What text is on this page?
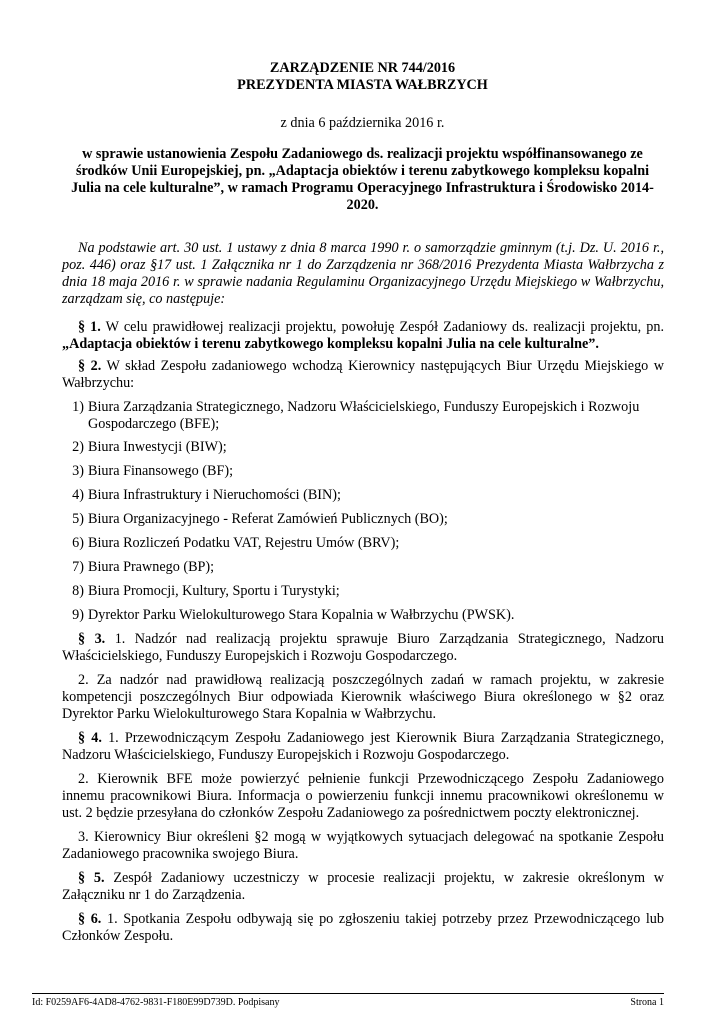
ZARZĄDZENIE NR 744/2016
PREZYDENTA MIASTA WAŁBRZYCH
z dnia 6 października 2016 r.
w sprawie ustanowienia Zespołu Zadaniowego ds. realizacji projektu współfinansowanego ze środków Unii Europejskiej, pn. „Adaptacja obiektów i terenu zabytkowego kompleksu kopalni Julia na cele kulturalne”, w ramach Programu Operacyjnego Infrastruktura i Środowisko 2014-2020.
Na podstawie art. 30 ust. 1 ustawy z dnia 8 marca 1990 r. o samorządzie gminnym (t.j. Dz. U. 2016 r., poz. 446) oraz §17 ust. 1 Załącznika nr 1 do Zarządzenia nr 368/2016 Prezydenta Miasta Wałbrzycha z dnia 18 maja 2016 r. w sprawie nadania Regulaminu Organizacyjnego Urzędu Miejskiego w Wałbrzychu, zarządzam się, co następuje:
§ 1. W celu prawidłowej realizacji projektu, powołuję Zespół Zadaniowy ds. realizacji projektu, pn. „Adaptacja obiektów i terenu zabytkowego kompleksu kopalni Julia na cele kulturalne”.
§ 2. W skład Zespołu zadaniowego wchodzą Kierownicy następujących Biur Urzędu Miejskiego w Wałbrzychu:
1) Biura Zarządzania Strategicznego, Nadzoru Właścicielskiego, Funduszy Europejskich i Rozwoju Gospodarczego (BFE);
2) Biura Inwestycji (BIW);
3) Biura Finansowego (BF);
4) Biura Infrastruktury i Nieruchomości (BIN);
5) Biura Organizacyjnego - Referat Zamówień Publicznych (BO);
6) Biura Rozliczeń Podatku VAT, Rejestru Umów (BRV);
7) Biura Prawnego (BP);
8) Biura Promocji, Kultury, Sportu i Turystyki;
9) Dyrektor Parku Wielokulturowego Stara Kopalnia w Wałbrzychu (PWSK).
§ 3. 1. Nadzór nad realizacją projektu sprawuje Biuro Zarządzania Strategicznego, Nadzoru Właścicielskiego, Funduszy Europejskich i Rozwoju Gospodarczego.
2. Za nadzór nad prawidłową realizacją poszczególnych zadań w ramach projektu, w zakresie kompetencji poszczególnych Biur odpowiada Kierownik właściwego Biura określonego w §2 oraz Dyrektor Parku Wielokulturowego Stara Kopalnia w Wałbrzychu.
§ 4. 1. Przewodniczącym Zespołu Zadaniowego jest Kierownik Biura Zarządzania Strategicznego, Nadzoru Właścicielskiego, Funduszy Europejskich i Rozwoju Gospodarczego.
2. Kierownik BFE może powierzyć pełnienie funkcji Przewodniczącego Zespołu Zadaniowego innemu pracownikowi Biura. Informacja o powierzeniu funkcji innemu pracownikowi określonemu w ust. 2 będzie przesyłana do członków Zespołu Zadaniowego za pośrednictwem poczty elektronicznej.
3. Kierownicy Biur określeni §2 mogą w wyjątkowych sytuacjach delegować na spotkanie Zespołu Zadaniowego pracownika swojego Biura.
§ 5. Zespół Zadaniowy uczestniczy w procesie realizacji projektu, w zakresie określonym w Załączniku nr 1 do Zarządzenia.
§ 6. 1. Spotkania Zespołu odbywają się po zgłoszeniu takiej potrzeby przez Przewodniczącego lub Członków Zespołu.
Id: F0259AF6-4AD8-4762-9831-F180E99D739D. Podpisany	Strona 1
